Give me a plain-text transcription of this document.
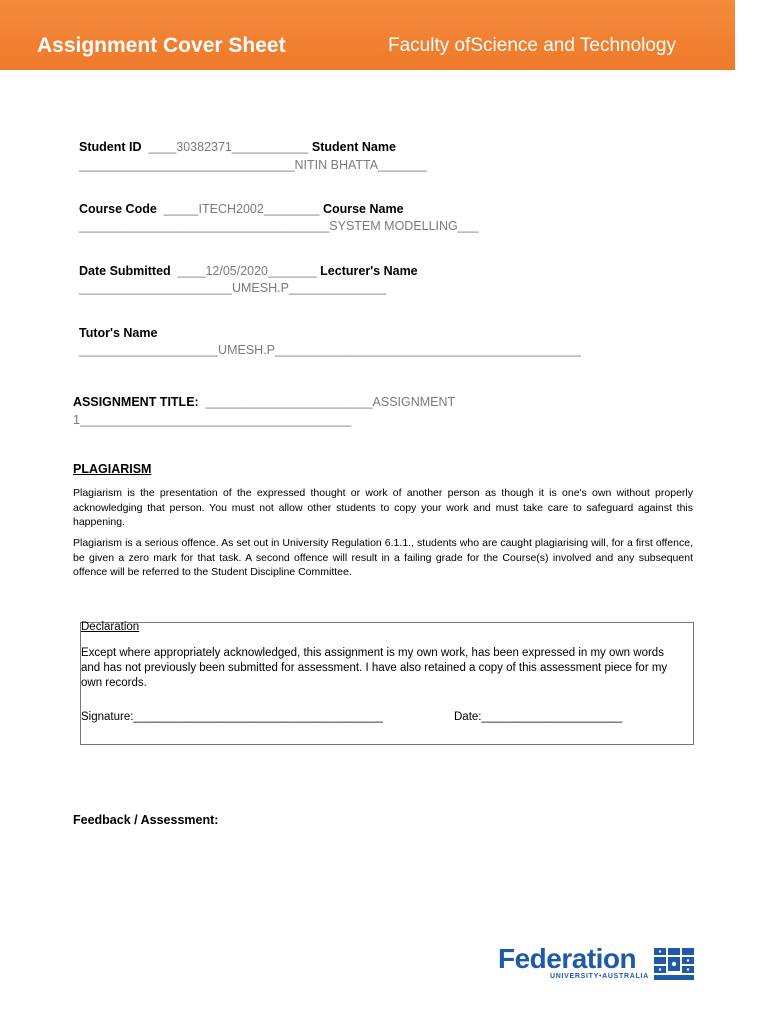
Assignment Cover Sheet	Faculty ofScience and Technology
Student ID ____30382371___________ Student Name
_______________________________NITIN BHATTA_______
Course Code _____ITECH2002________ Course Name
____________________________________SYSTEM MODELLING___
Date Submitted ____12/05/2020_______ Lecturer's Name
______________________UMESH.P______________
Tutor's Name
____________________UMESH.P____________________________________________
ASSIGNMENT TITLE: ________________________ASSIGNMENT
1_______________________________________
PLAGIARISM

Plagiarism is the presentation of the expressed thought or work of another person as though it is one's own without properly acknowledging that person. You must not allow other students to copy your work and must take care to safeguard against this happening.

Plagiarism is a serious offence. As set out in University Regulation 6.1.1., students who are caught plagiarising will, for a first offence, be given a zero mark for that task. A second offence will result in a failing grade for the Course(s) involved and any subsequent offence will be referred to the Student Discipline Committee.

Declaration

Except where appropriately acknowledged, this assignment is my own work, has been expressed in my own words and has not previously been submitted for assessment. I have also retained a copy of this assessment piece for my own records.

Signature:_______________________________________	Date:______________________
Feedback / Assessment:
Federation
UNIVERSITY•AUSTRALIA
